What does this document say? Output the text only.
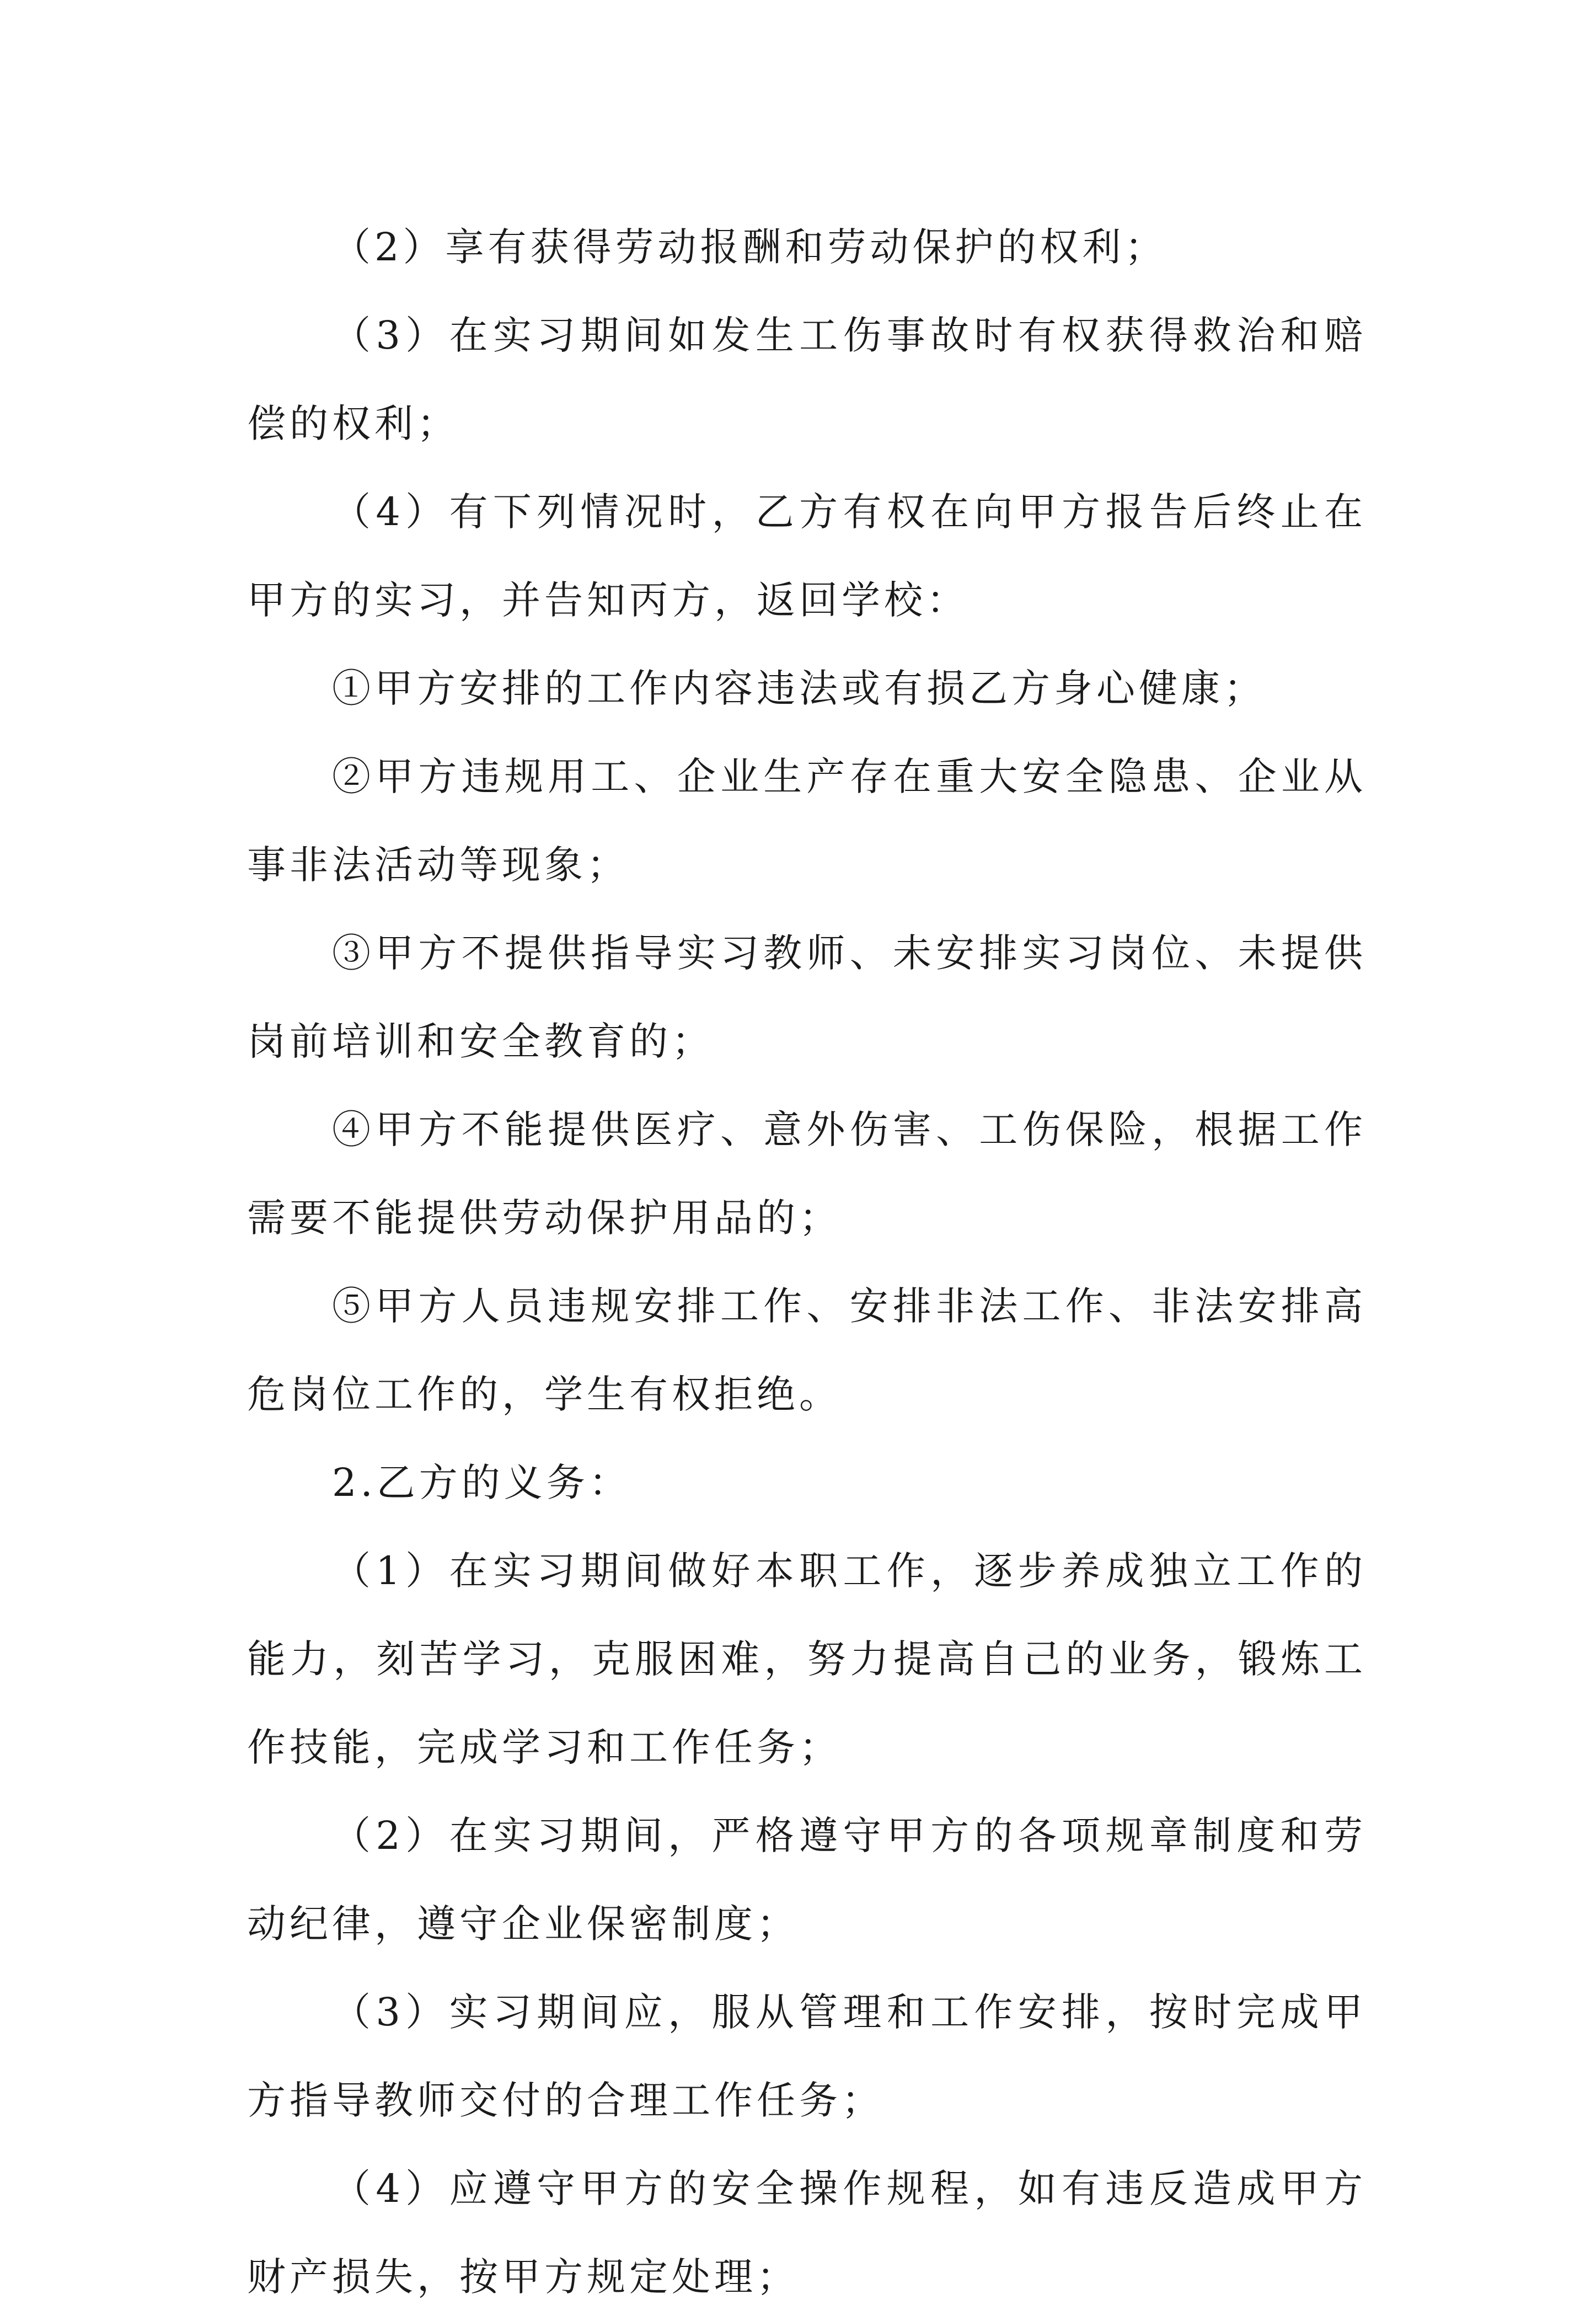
（2）享有获得劳动报酬和劳动保护的权利；

（3）在实习期间如发生工伤事故时有权获得救治和赔偿的权利；

（4）有下列情况时，乙方有权在向甲方报告后终止在甲方的实习，并告知丙方，返回学校：

①甲方安排的工作内容违法或有损乙方身心健康；

②甲方违规用工、企业生产存在重大安全隐患、企业从事非法活动等现象；

③甲方不提供指导实习教师、未安排实习岗位、未提供岗前培训和安全教育的；

④甲方不能提供医疗、意外伤害、工伤保险，根据工作需要不能提供劳动保护用品的；

⑤甲方人员违规安排工作、安排非法工作、非法安排高危岗位工作的，学生有权拒绝。

2.乙方的义务：

（1）在实习期间做好本职工作，逐步养成独立工作的能力，刻苦学习，克服困难，努力提高自己的业务，锻炼工作技能，完成学习和工作任务；

（2）在实习期间，严格遵守甲方的各项规章制度和劳动纪律，遵守企业保密制度；

（3）实习期间应，服从管理和工作安排，按时完成甲方指导教师交付的合理工作任务；

（4）应遵守甲方的安全操作规程，如有违反造成甲方财产损失，按甲方规定处理；
